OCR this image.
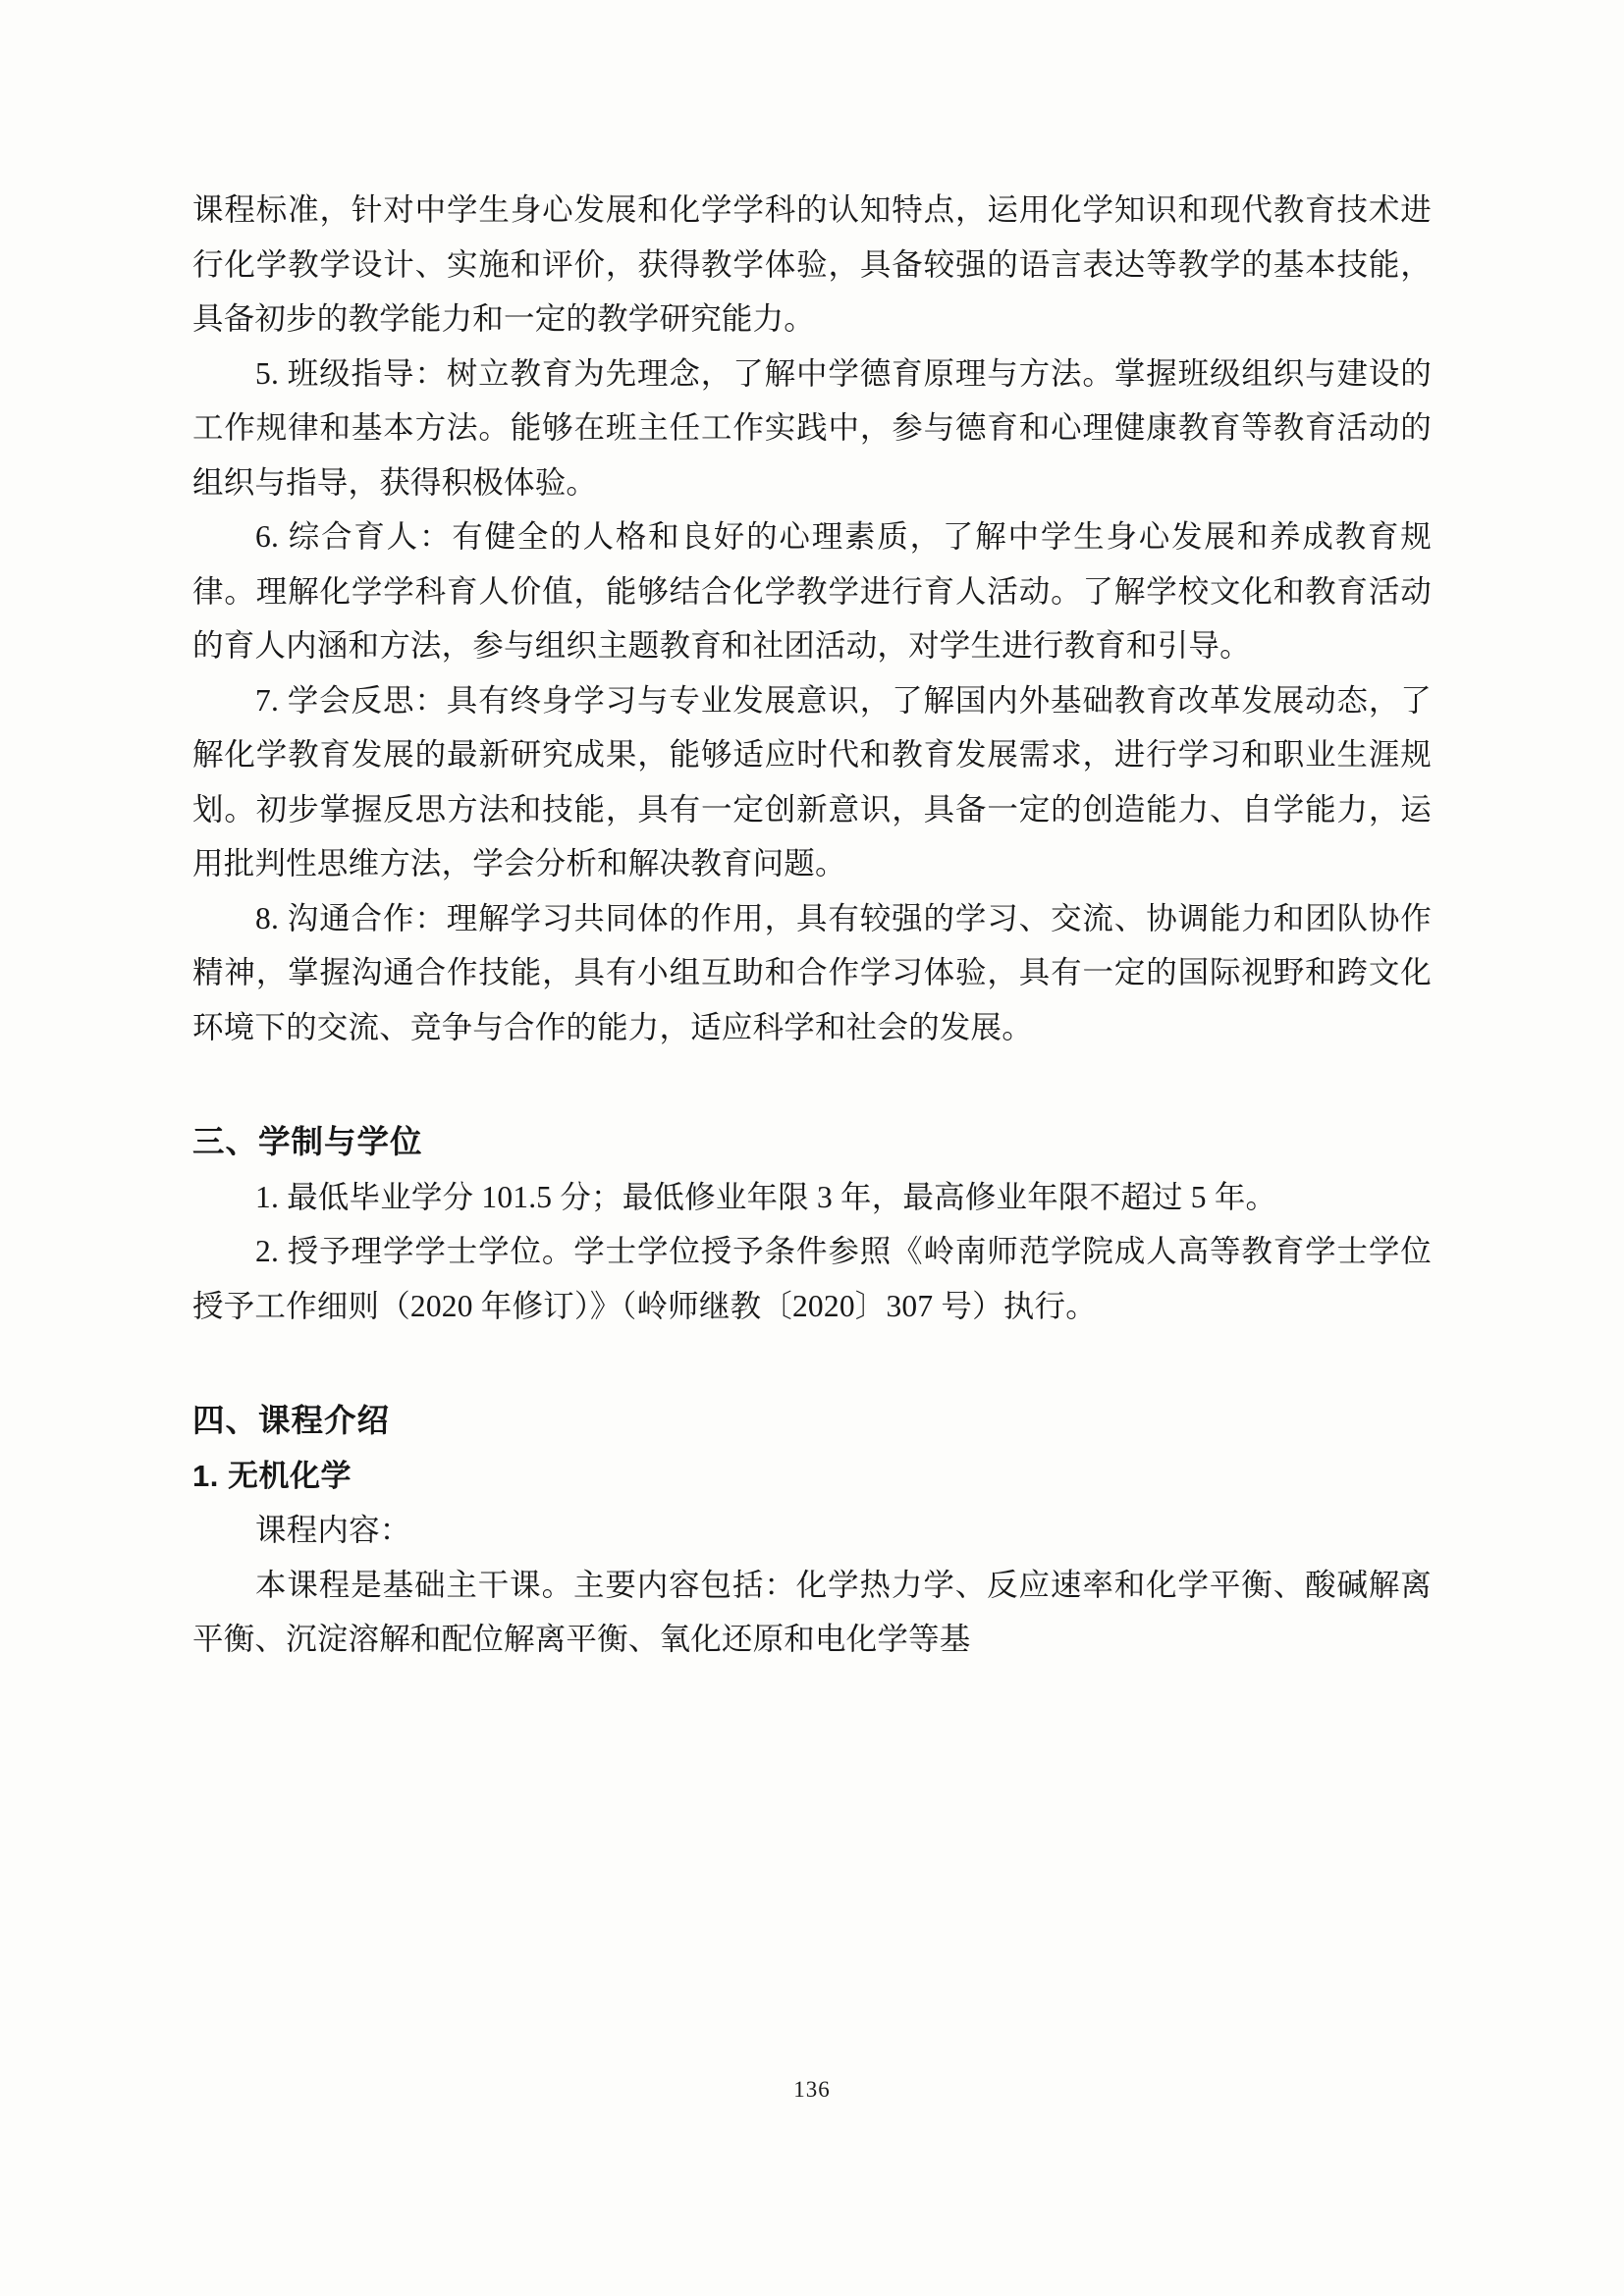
课程标准，针对中学生身心发展和化学学科的认知特点，运用化学知识和现代教育技术进行化学教学设计、实施和评价，获得教学体验，具备较强的语言表达等教学的基本技能，具备初步的教学能力和一定的教学研究能力。

5. 班级指导：树立教育为先理念，了解中学德育原理与方法。掌握班级组织与建设的工作规律和基本方法。能够在班主任工作实践中，参与德育和心理健康教育等教育活动的组织与指导，获得积极体验。

6. 综合育人：有健全的人格和良好的心理素质，了解中学生身心发展和养成教育规律。理解化学学科育人价值，能够结合化学教学进行育人活动。了解学校文化和教育活动的育人内涵和方法，参与组织主题教育和社团活动，对学生进行教育和引导。

7. 学会反思：具有终身学习与专业发展意识，了解国内外基础教育改革发展动态，了解化学教育发展的最新研究成果，能够适应时代和教育发展需求，进行学习和职业生涯规划。初步掌握反思方法和技能，具有一定创新意识，具备一定的创造能力、自学能力，运用批判性思维方法，学会分析和解决教育问题。

8. 沟通合作：理解学习共同体的作用，具有较强的学习、交流、协调能力和团队协作精神，掌握沟通合作技能，具有小组互助和合作学习体验，具有一定的国际视野和跨文化环境下的交流、竞争与合作的能力，适应科学和社会的发展。

三、学制与学位

1. 最低毕业学分 101.5 分；最低修业年限 3 年，最高修业年限不超过 5 年。

2. 授予理学学士学位。学士学位授予条件参照《岭南师范学院成人高等教育学士学位授予工作细则（2020 年修订）》（岭师继教〔2020〕307 号）执行。

四、课程介绍
1. 无机化学

课程内容：

本课程是基础主干课。主要内容包括：化学热力学、反应速率和化学平衡、酸碱解离平衡、沉淀溶解和配位解离平衡、氧化还原和电化学等基

136
